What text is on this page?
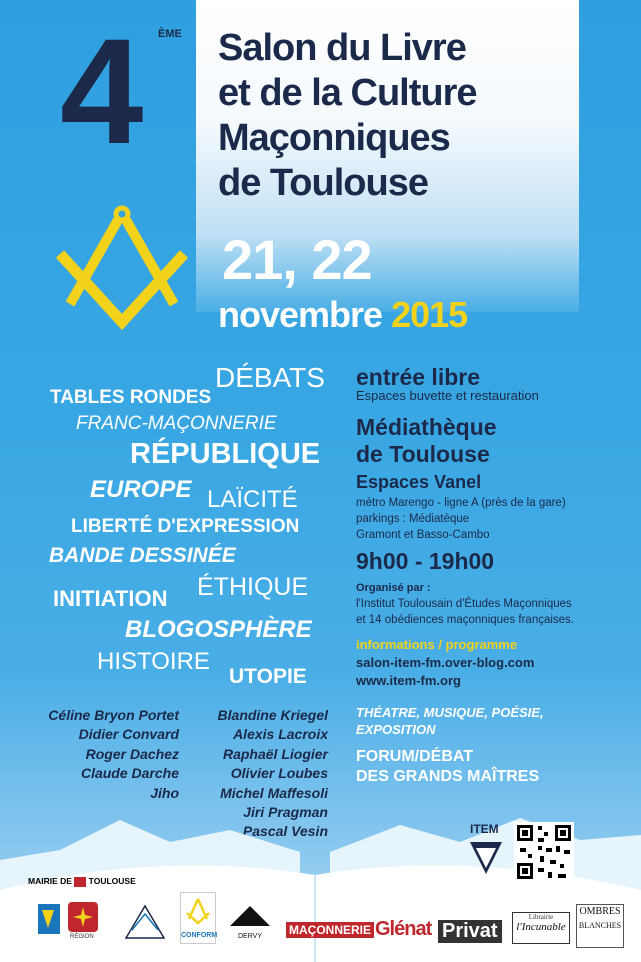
4 ÈME Salon du Livre
et de la Culture
Maçonniques
de Toulouse
21, 22
novembre 2015
DÉBATS
TABLES RONDES
FRANC-MAÇONNERIE
RÉPUBLIQUE
EUROPE LAÏCITÉ
LIBERTÉ D'EXPRESSION
BANDE DESSINÉE
ÉTHIQUE
INITIATION
BLOGOSPHÈRE
HISTOIRE
UTOPIE
entrée libre
Espaces buvette et restauration
Médiathèque
de Toulouse
Espaces Vanel
métro Marengo - ligne A (près de la gare)
parkings : Médiatèque
Gramont et Basso-Cambo
9h00 - 19h00
Organisé par :
l'Institut Toulousain d'Études Maçonniques
et 14 obédiences maçonniques françaises.
informations / programme
salon-item-fm.over-blog.com
www.item-fm.org
THÉATRE, MUSIQUE, POÉSIE,
EXPOSITION
FORUM/DÉBAT
DES GRANDS MAÎTRES
Céline Bryon Portet
Didier Convard
Roger Dachez
Claude Darche
Jiho
Blandine Kriegel
Alexis Lacroix
Raphaël Liogier
Olivier Loubes
Michel Maffesoli
Jiri Pragman
Pascal Vesin	ITEM
MAIRIE DE TOULOUSE
RÉGION	CONFORM	DERVY	MAÇONNERIE Glénat Privat
Librairie
l'Incunable
OMBRES
BLANCHES
